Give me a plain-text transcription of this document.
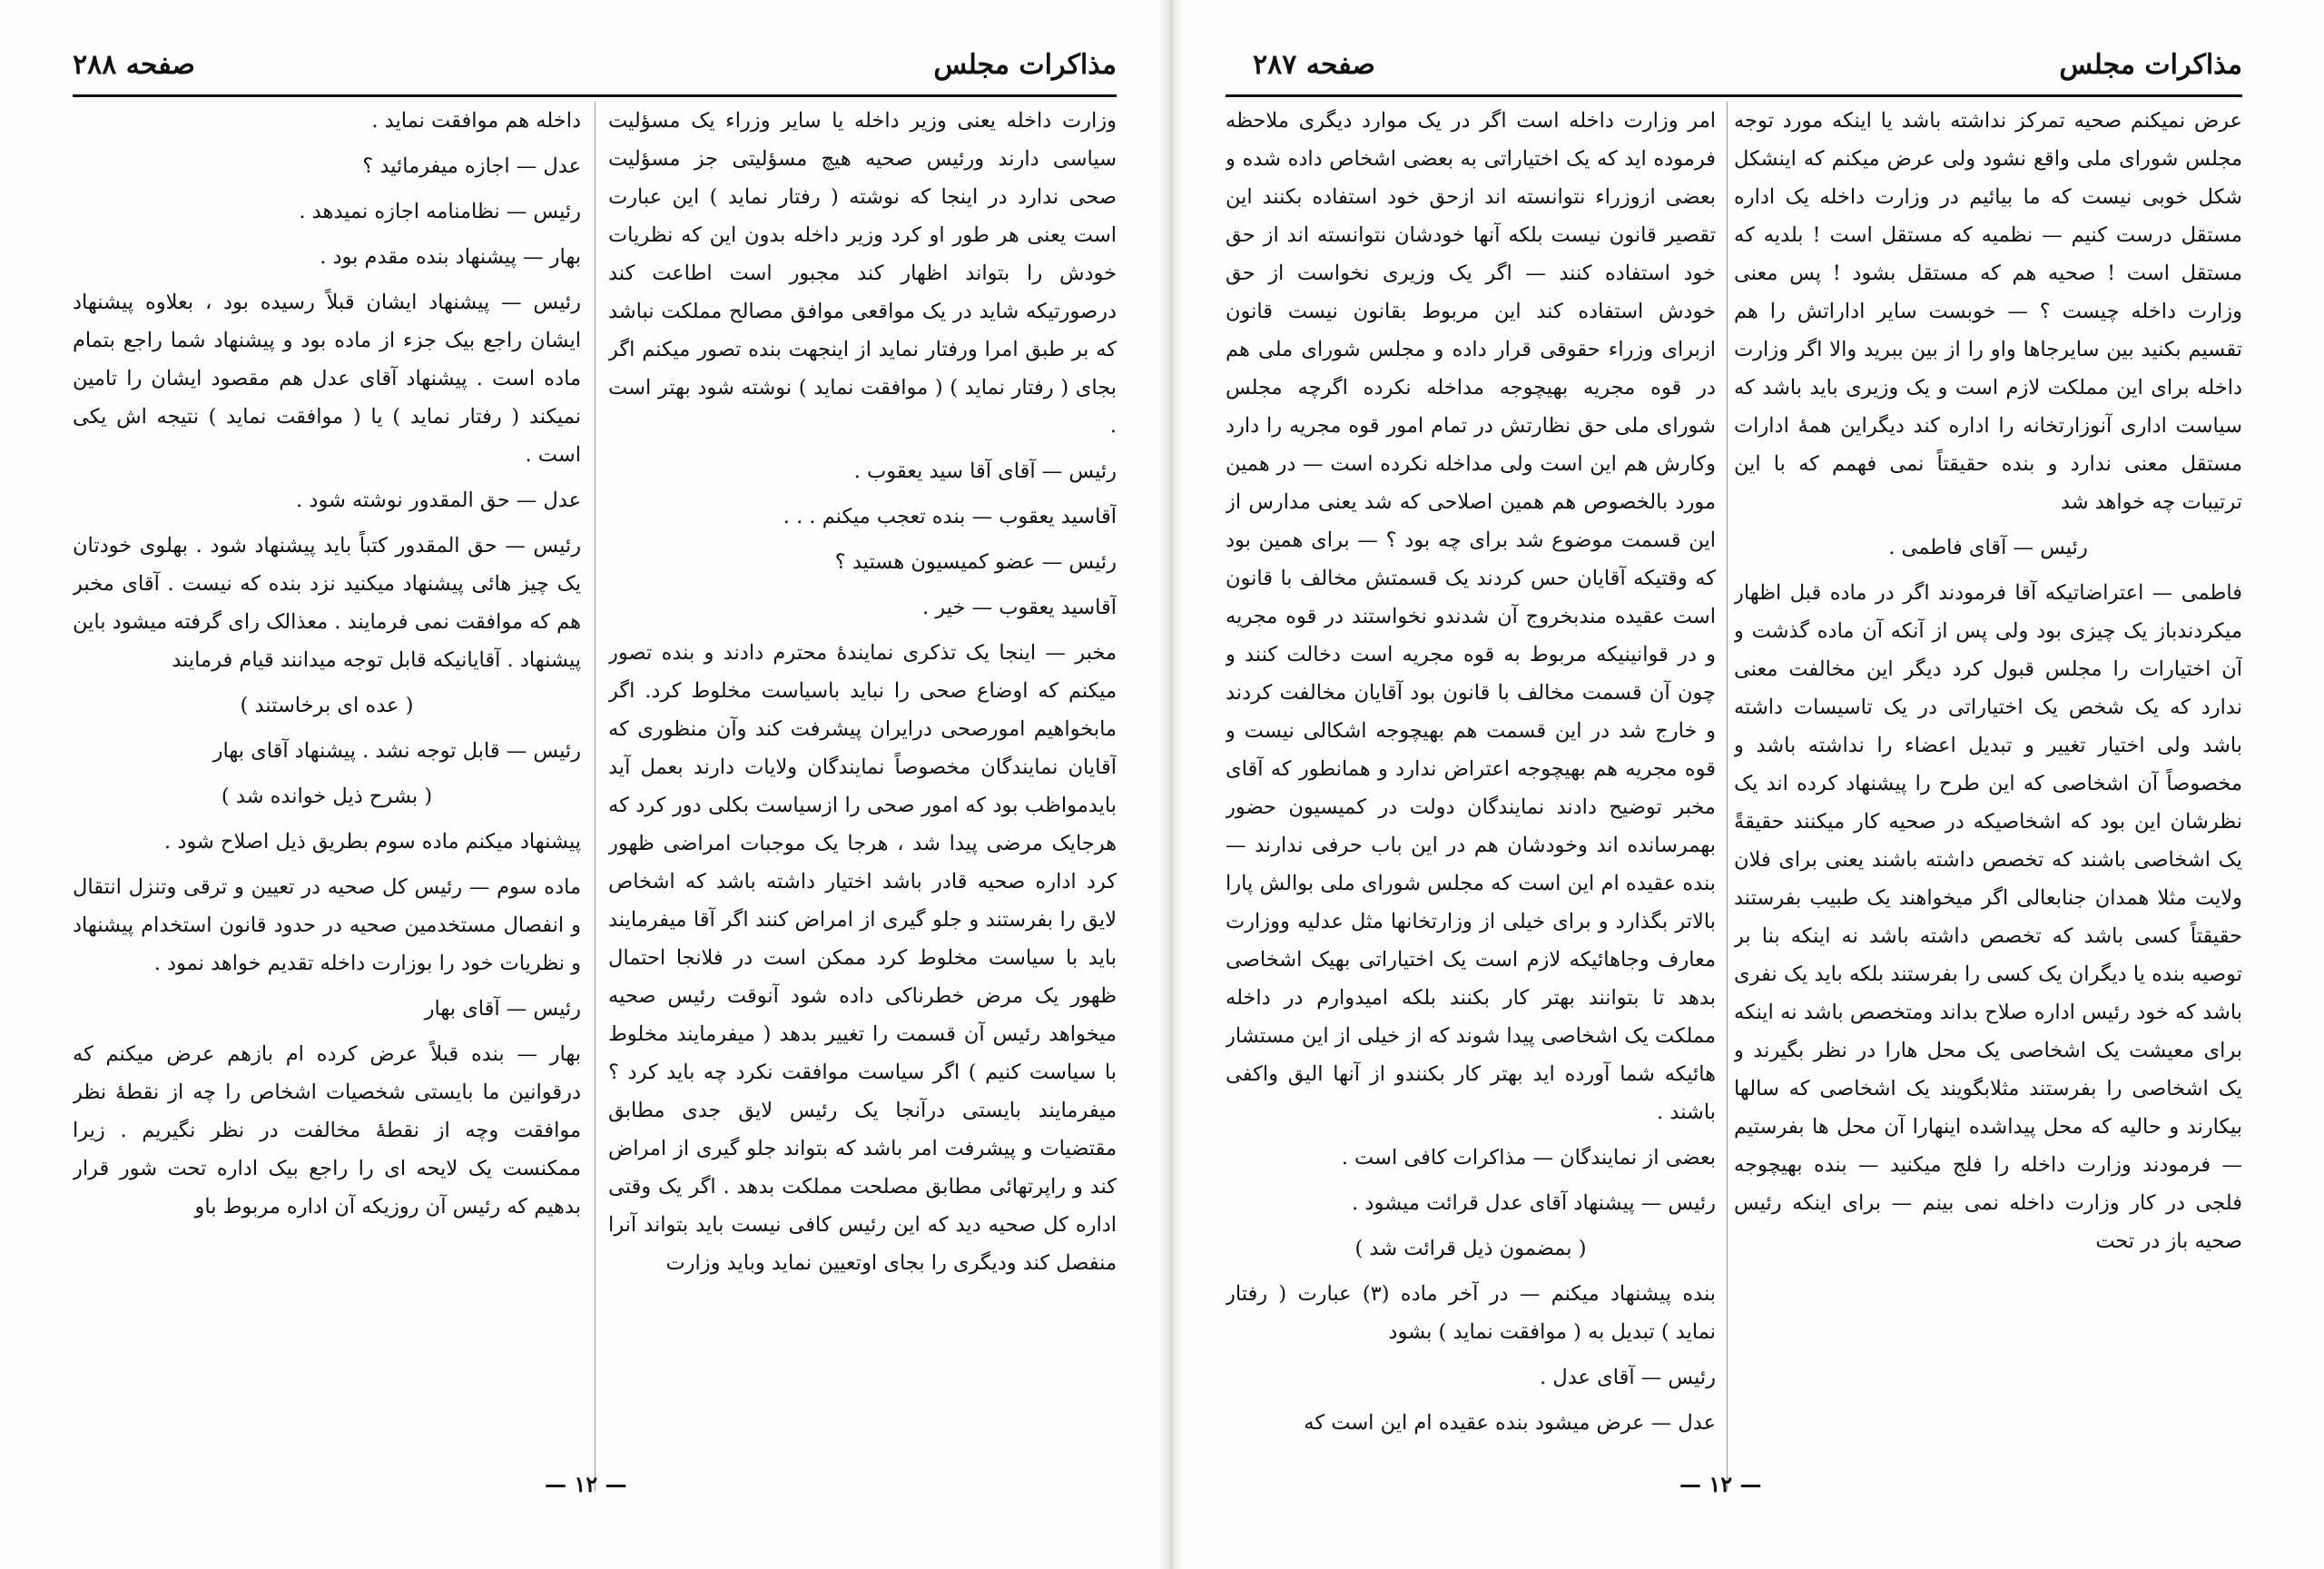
مذاکرات مجلس
صفحه ۲۸۸

وزارت داخله یعنی وزیر داخله یا سایر وزراء یک مسؤلیت سیاسی دارند ورئیس صحیه هیچ مسؤلیتی جز مسؤلیت صحی ندارد در اینجا که نوشته ( رفتار نماید ) این عبارت است یعنی هر طور او کرد وزیر داخله بدون این که نظریات خودش را بتواند اظهار کند مجبور است اطاعت کند درصورتیکه شاید در یک مواقعی موافق مصالح مملکت نباشد که بر طبق امرا ورفتار نماید از اینجهت بنده تصور میکنم اگر بجای ( رفتار نماید ) ( موافقت نماید ) نوشته شود بهتر است .

رئیس — آقای آقا سید یعقوب .

آقاسید یعقوب — بنده تعجب میکنم . . .

رئیس — عضو کمیسیون هستید ؟

آقاسید یعقوب — خیر .

مخبر — اینجا یک تذکری نمایندهٔ محترم دادند و بنده تصور میکنم که اوضاع صحی را نباید باسیاست مخلوط کرد. اگر مابخواهیم امورصحی درایران پیشرفت کند وآن منظوری که آقایان نمایندگان مخصوصاً نمایندگان ولایات دارند بعمل آید بایدمواظب بود که امور صحی را ازسیاست بکلی دور کرد که هرجایک مرضی پیدا شد ، هرجا یک موجبات امراضی ظهور کرد اداره صحیه قادر باشد اختیار داشته باشد که اشخاص لایق را بفرستند و جلو گیری از امراض کنند اگر آقا میفرمایند باید با سیاست مخلوط کرد ممکن است در فلانجا احتمال ظهور یک مرض خطرناکی داده شود آنوقت رئیس صحیه میخواهد رئیس آن قسمت را تغییر بدهد ( میفرمایند مخلوط با سیاست کنیم ) اگر سیاست موافقت نکرد چه باید کرد ؟ میفرمایند بایستی درآنجا یک رئیس لایق جدی مطابق مقتضیات و پیشرفت امر باشد که بتواند جلو گیری از امراض کند و راپرتهائی مطابق مصلحت مملکت بدهد . اگر یک وقتی اداره کل صحیه دید که این رئیس کافی نیست باید بتواند آنرا منفصل کند ودیگری را بجای اوتعیین نماید وباید وزارت

داخله هم موافقت نماید .

عدل — اجازه میفرمائید ؟

رئیس — نظامنامه اجازه نمیدهد .

بهار — پیشنهاد بنده مقدم بود .

رئیس — پیشنهاد ایشان قبلاً رسیده بود ، بعلاوه پیشنهاد ایشان راجع بیک جزء از ماده بود و پیشنهاد شما راجع بتمام ماده است . پیشنهاد آقای عدل هم مقصود ایشان را تامین نمیکند ( رفتار نماید ) یا ( موافقت نماید ) نتیجه اش یکی است .

عدل — حق المقدور نوشته شود .

رئیس — حق المقدور کتباً باید پیشنهاد شود . بهلوی خودتان یک چیز هائی پیشنهاد میکنید نزد بنده که نیست . آقای مخبر هم که موافقت نمی فرمایند . معذالک رای گرفته میشود باین پیشنهاد . آقایانیکه قابل توجه میدانند قیام فرمایند

( عده ای برخاستند )

رئیس — قابل توجه نشد . پیشنهاد آقای بهار

( بشرح ذیل خوانده شد )

پیشنهاد میکنم ماده سوم بطریق ذیل اصلاح شود .

ماده سوم — رئیس کل صحیه در تعیین و ترقی وتنزل انتقال و انفصال مستخدمین صحیه در حدود قانون استخدام پیشنهاد و نظریات خود را بوزارت داخله تقدیم خواهد نمود .

رئیس — آقای بهار

بهار — بنده قبلاً عرض کرده ام بازهم عرض میکنم که درقوانین ما بایستی شخصیات اشخاص را چه از نقطهٔ نظر موافقت وچه از نقطهٔ مخالفت در نظر نگیریم . زیرا ممکنست یک لایحه ای را راجع بیک اداره تحت شور قرار بدهیم که رئیس آن روزیکه آن اداره مربوط باو

— ۱۲ —
مذاکرات مجلس
صفحه ۲۸۷

عرض نمیکنم صحیه تمرکز نداشته باشد یا اینکه مورد توجه مجلس شورای ملی واقع نشود ولی عرض میکنم که اینشکل شکل خوبی نیست که ما بیائیم در وزارت داخله یک اداره مستقل درست کنیم — نظمیه که مستقل است ! بلدیه که مستقل است ! صحیه هم که مستقل بشود ! پس معنی وزارت داخله چیست ؟ — خوبست سایر اداراتش را هم تقسیم بکنید بین سایرجاها واو را از بین ببرید والا اگر وزارت داخله برای این مملکت لازم است و یک وزیری باید باشد که سیاست اداری آنوزارتخانه را اداره کند دیگراین همهٔ ادارات مستقل معنی ندارد و بنده حقیقتاً نمی فهمم که با این ترتیبات چه خواهد شد

رئیس — آقای فاطمی .

فاطمی — اعتراضاتیکه آقا فرمودند اگر در ماده قبل اظهار میکردندباز یک چیزی بود ولی پس از آنکه آن ماده گذشت و آن اختیارات را مجلس قبول کرد دیگر این مخالفت معنی ندارد که یک شخص یک اختیاراتی در یک تاسیسات داشته باشد ولی اختیار تغییر و تبدیل اعضاء را نداشته باشد و مخصوصاً آن اشخاصی که این طرح را پیشنهاد کرده اند یک نظرشان این بود که اشخاصیکه در صحیه کار میکنند حقیقةً یک اشخاصی باشند که تخصص داشته باشند یعنی برای فلان ولایت مثلا همدان جنابعالی اگر میخواهند یک طبیب بفرستند حقیقتاً کسی باشد که تخصص داشته باشد نه اینکه بنا بر توصیه بنده یا دیگران یک کسی را بفرستند بلکه باید یک نفری باشد که خود رئیس اداره صلاح بداند ومتخصص باشد نه اینکه برای معیشت یک اشخاصی یک محل هارا در نظر بگیرند و یک اشخاصی را بفرستند مثلابگویند یک اشخاصی که سالها بیکارند و حالیه که محل پیداشده اینهارا آن محل ها بفرستیم — فرمودند وزارت داخله را فلج میکنید — بنده بهیچوجه فلجی در کار وزارت داخله نمی بینم — برای اینکه رئیس صحیه باز در تحت

امر وزارت داخله است اگر در یک موارد دیگری ملاحظه فرموده اید که یک اختیاراتی به بعضی اشخاص داده شده و بعضی ازوزراء نتوانسته اند ازحق خود استفاده بکنند این تقصیر قانون نیست بلکه آنها خودشان نتوانسته اند از حق خود استفاده کنند — اگر یک وزیری نخواست از حق خودش استفاده کند این مربوط بقانون نیست قانون ازبرای وزراء حقوقی قرار داده و مجلس شورای ملی هم در قوه مجریه بهیچوجه مداخله نکرده اگرچه مجلس شورای ملی حق نظارتش در تمام امور قوه مجریه را دارد وکارش هم این است ولی مداخله نکرده است — در همین مورد بالخصوص هم همین اصلاحی که شد یعنی مدارس از این قسمت موضوع شد برای چه بود ؟ — برای همین بود که وقتیکه آقایان حس کردند یک قسمتش مخالف با قانون است عقیده مندبخروج آن شدندو نخواستند در قوه مجریه و در قوانینیکه مربوط به قوه مجریه است دخالت کنند و چون آن قسمت مخالف با قانون بود آقایان مخالفت کردند و خارج شد در این قسمت هم بهیچوجه اشکالی نیست و قوه مجریه هم بهیچوجه اعتراض ندارد و همانطور که آقای مخبر توضیح دادند نمایندگان دولت در کمیسیون حضور بهمرسانده اند وخودشان هم در این باب حرفی ندارند — بنده عقیده ام این است که مجلس شورای ملی بوالش پارا بالاتر بگذارد و برای خیلی از وزارتخانها مثل عدلیه ووزارت معارف وجاهائیکه لازم است یک اختیاراتی بهیک اشخاصی بدهد تا بتوانند بهتر کار بکنند بلکه امیدوارم در داخله مملکت یک اشخاصی پیدا شوند که از خیلی از این مستشار هائیکه شما آورده اید بهتر کار بکنندو از آنها الیق واکفی باشند .

بعضی از نمایندگان — مذاکرات کافی است .

رئیس — پیشنهاد آقای عدل قرائت میشود .

( بمضمون ذیل قرائت شد )

بنده پیشنهاد میکنم — در آخر ماده (۳) عبارت ( رفتار نماید ) تبدیل به ( موافقت نماید ) بشود

رئیس — آقای عدل .

عدل — عرض میشود بنده عقیده ام این است که

— ۱۲ —
